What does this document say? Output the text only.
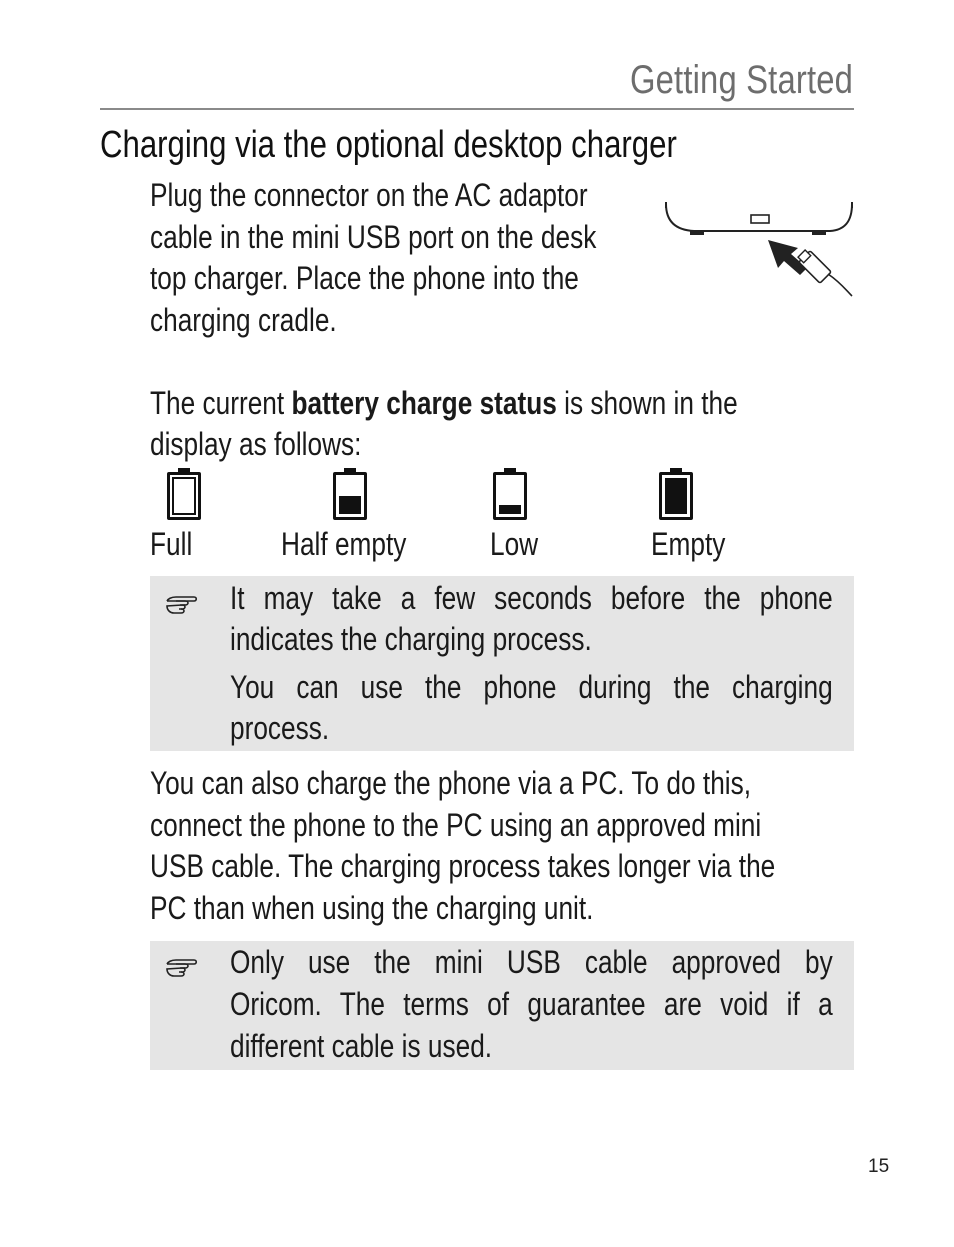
Getting Started
Charging via the optional desktop charger
Plug the connector on the AC adaptor
cable in the mini USB port on the desk
top charger. Place the phone into the
charging cradle.
The current battery charge status is shown in the
display as follows:
Full	Half empty	Low	Empty
It may take a few seconds before the phone
indicates the charging process.
You can use the phone during the charging
process.
You can also charge the phone via a PC. To do this,
connect the phone to the PC using an approved mini
USB cable. The charging process takes longer via the
PC than when using the charging unit.
Only use the mini USB cable approved by
Oricom. The terms of guarantee are void if a
different cable is used.
15
